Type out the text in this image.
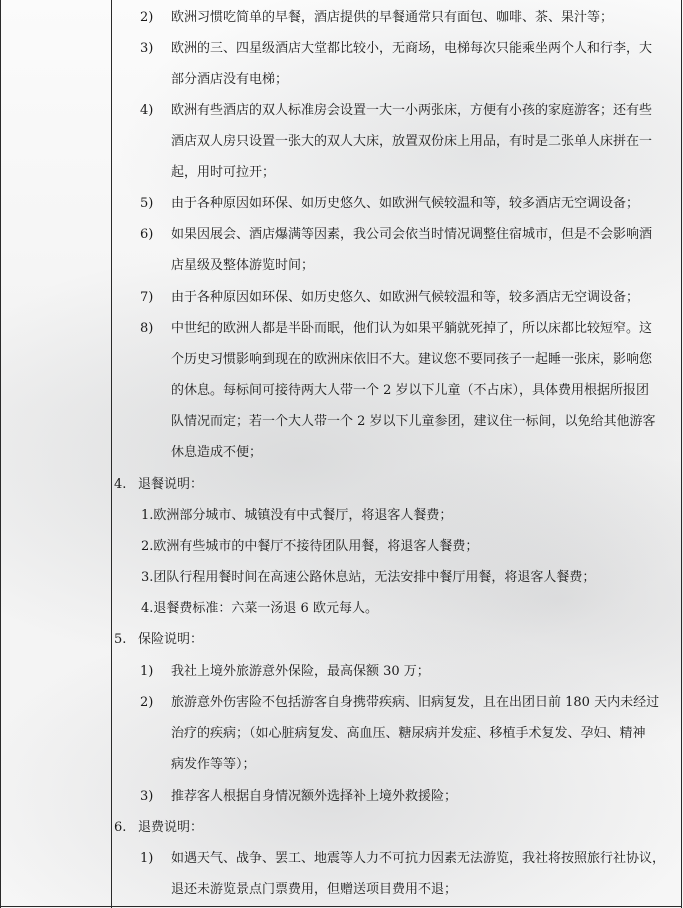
2) 欧洲习惯吃简单的早餐，酒店提供的早餐通常只有面包、咖啡、茶、果汁等；
3) 欧洲的三、四星级酒店大堂都比较小，无商场，电梯每次只能乘坐两个人和行李，大
部分酒店没有电梯；
4) 欧洲有些酒店的双人标准房会设置一大一小两张床，方便有小孩的家庭游客；还有些
酒店双人房只设置一张大的双人大床，放置双份床上用品，有时是二张单人床拼在一
起，用时可拉开；
5) 由于各种原因如环保、如历史悠久、如欧洲气候较温和等，较多酒店无空调设备；
6) 如果因展会、酒店爆满等因素，我公司会依当时情况调整住宿城市，但是不会影响酒
店星级及整体游览时间；
7) 由于各种原因如环保、如历史悠久、如欧洲气候较温和等，较多酒店无空调设备；
8) 中世纪的欧洲人都是半卧而眠，他们认为如果平躺就死掉了，所以床都比较短窄。这
个历史习惯影响到现在的欧洲床依旧不大。建议您不要同孩子一起睡一张床，影响您
的休息。每标间可接待两大人带一个 2 岁以下儿童（不占床），具体费用根据所报团
队情况而定；若一个大人带一个 2 岁以下儿童参团，建议住一标间，以免给其他游客
休息造成不便；
4. 退餐说明：
1.欧洲部分城市、城镇没有中式餐厅，将退客人餐费；
2.欧洲有些城市的中餐厅不接待团队用餐，将退客人餐费；
3.团队行程用餐时间在高速公路休息站，无法安排中餐厅用餐，将退客人餐费；
4.退餐费标准：六菜一汤退 6 欧元每人。
5. 保险说明：
1) 我社上境外旅游意外保险，最高保额 30 万；
2) 旅游意外伤害险不包括游客自身携带疾病、旧病复发，且在出团日前 180 天内未经过
治疗的疾病；（如心脏病复发、高血压、糖尿病并发症、移植手术复发、孕妇、精神
病发作等等）；
3) 推荐客人根据自身情况额外选择补上境外救援险；
6. 退费说明：
1) 如遇天气、战争、罢工、地震等人力不可抗力因素无法游览，我社将按照旅行社协议，
退还未游览景点门票费用，但赠送项目费用不退；
